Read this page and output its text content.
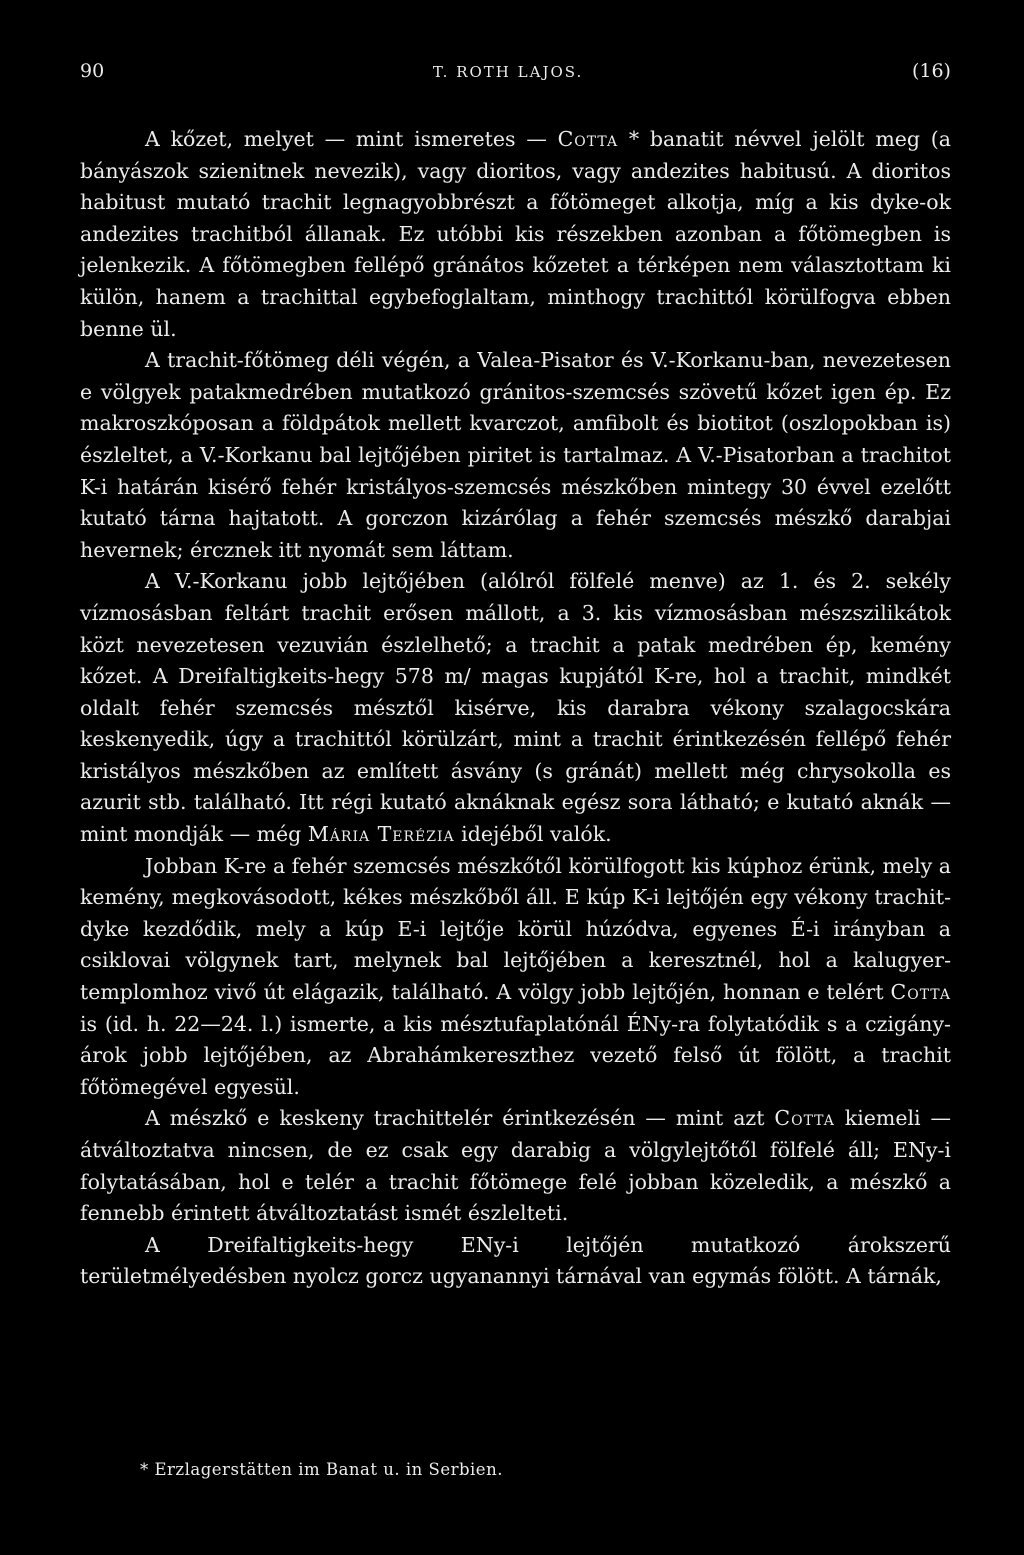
90	T. ROTH LAJOS.	(16)

A kőzet, melyet — mint ismeretes — Cotta * banatit névvel jelölt meg (a bányászok szienitnek nevezik), vagy dioritos, vagy andezites habitusú. A dioritos habitust mutató trachit legnagyobbrészt a főtömeget alkotja, míg a kis dyke-ok andezites trachitból állanak. Ez utóbbi kis részekben azonban a főtömegben is jelenkezik. A főtömegben fellépő gránátos kőzetet a térképen nem választottam ki külön, hanem a trachittal egybefoglaltam, minthogy trachittól körülfogva ebben benne ül.

A trachit-főtömeg déli végén, a Valea-Pisator és V.-Korkanu-ban, nevezetesen e völgyek patakmedrében mutatkozó gránitos-szemcsés szövetű kőzet igen ép. Ez makroszkóposan a földpátok mellett kvarczot, amfibolt és biotitot (oszlopokban is) észleltet, a V.-Korkanu bal lejtőjében piritet is tartalmaz. A V.-Pisatorban a trachitot K-i határán kisérő fehér kristályos-szemcsés mészkőben mintegy 30 évvel ezelőtt kutató tárna hajtatott. A gorczon kizárólag a fehér szemcsés mészkő darabjai hevernek; ércznek itt nyomát sem láttam.

A V.-Korkanu jobb lejtőjében (alólról fölfelé menve) az 1. és 2. sekély vízmosásban feltárt trachit erősen mállott, a 3. kis vízmosásban mészszilikátok közt nevezetesen vezuvián észlelhető; a trachit a patak medrében ép, kemény kőzet. A Dreifaltigkeits-hegy 578 m/ magas kupjától K-re, hol a trachit, mindkét oldalt fehér szemcsés mésztől kisérve, kis darabra vékony szalagocskára keskenyedik, úgy a trachittól körülzárt, mint a trachit érintkezésén fellépő fehér kristályos mészkőben az említett ásvány (s gránát) mellett még chrysokolla es azurit stb. található. Itt régi kutató aknáknak egész sora látható; e kutató aknák — mint mondják — még Mária Terézia idejéből valók.

Jobban K-re a fehér szemcsés mészkőtől körülfogott kis kúphoz érünk, mely a kemény, megkovásodott, kékes mészkőből áll. E kúp K-i lejtőjén egy vékony trachit-dyke kezdődik, mely a kúp E-i lejtője körül húzódva, egyenes É-i irányban a csiklovai völgynek tart, melynek bal lejtőjében a keresztnél, hol a kalugyer-templomhoz vivő út elágazik, található. A völgy jobb lejtőjén, honnan e telért Cotta is (id. h. 22—24. l.) ismerte, a kis mésztufaplatónál ÉNy-ra folytatódik s a czigány-árok jobb lejtőjében, az Abrahámkereszthez vezető felső út fölött, a trachit főtömegével egyesül.

A mészkő e keskeny trachittelér érintkezésén — mint azt Cotta kiemeli — átváltoztatva nincsen, de ez csak egy darabig a völgylejtőtől fölfelé áll; ENy-i folytatásában, hol e telér a trachit főtömege felé jobban közeledik, a mészkő a fennebb érintett átváltoztatást ismét észlelteti.

A Dreifaltigkeits-hegy ENy-i lejtőjén mutatkozó árokszerű területmélyedésben nyolcz gorcz ugyanannyi tárnával van egymás fölött. A tárnák,

* Erzlagerstätten im Banat u. in Serbien.
